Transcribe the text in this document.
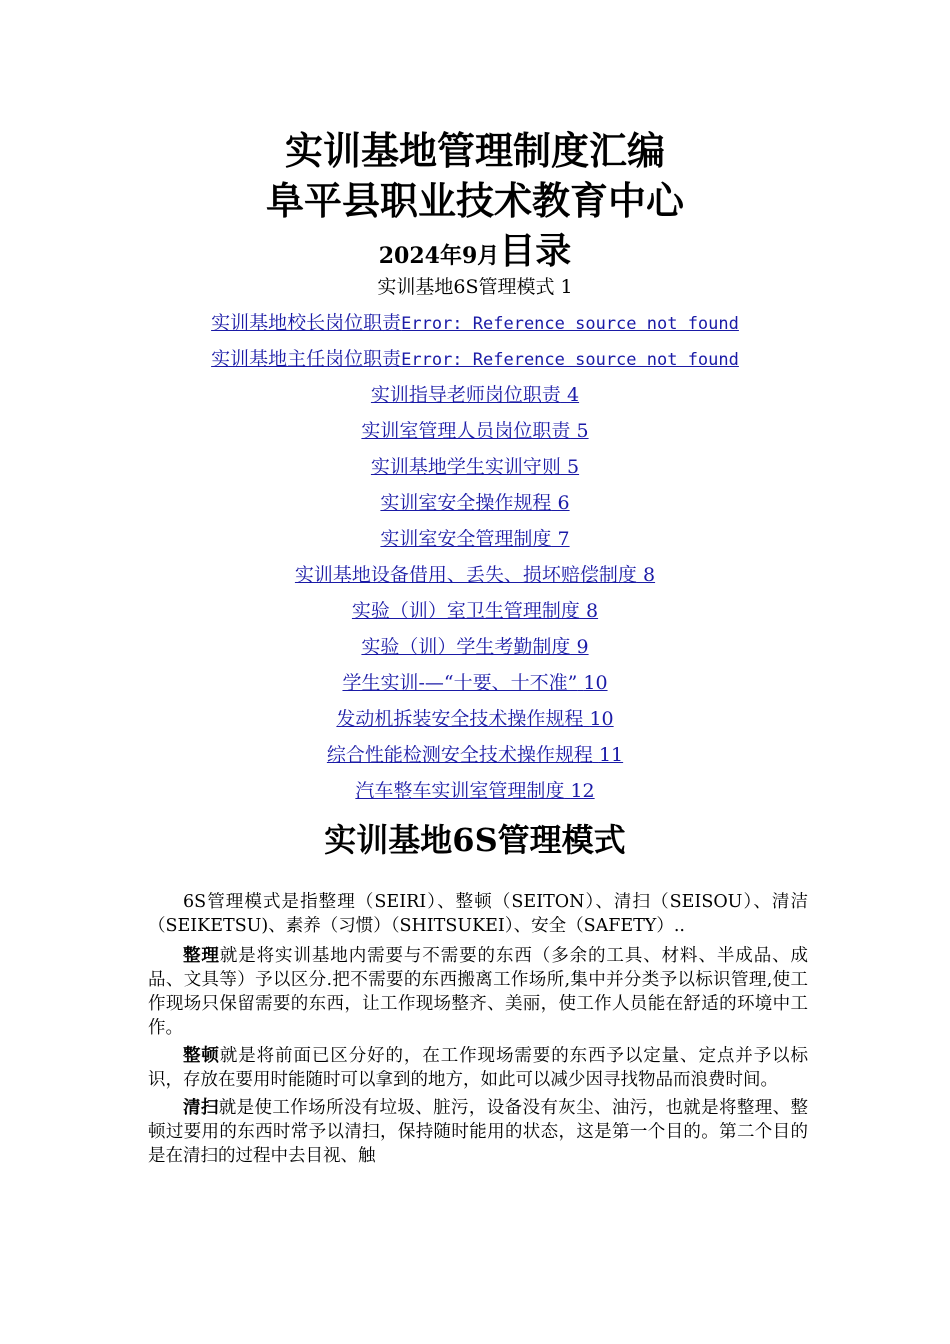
实训基地管理制度汇编
阜平县职业技术教育中心
2024年9月目录
实训基地6S管理模式 1
实训基地校长岗位职责Error: Reference source not found
实训基地主任岗位职责Error: Reference source not found
实训指导老师岗位职责 4
实训室管理人员岗位职责 5
实训基地学生实训守则 5
实训室安全操作规程 6
实训室安全管理制度 7
实训基地设备借用、丢失、损坏赔偿制度 8
实验（训）室卫生管理制度 8
实验（训）学生考勤制度 9
学生实训-—“十要、十不准” 10
发动机拆装安全技术操作规程 10
综合性能检测安全技术操作规程 11
汽车整车实训室管理制度 12
实训基地6S管理模式

6S管理模式是指整理（SEIRI）、整顿（SEITON）、清扫（SEISOU）、清洁（SEIKETSU)、素养（习惯）（SHITSUKEI）、安全（SAFETY）..

整理就是将实训基地内需要与不需要的东西（多余的工具、材料、半成品、成品、文具等）予以区分.把不需要的东西搬离工作场所,集中并分类予以标识管理,使工作现场只保留需要的东西，让工作现场整齐、美丽，使工作人员能在舒适的环境中工作。

整顿就是将前面已区分好的，在工作现场需要的东西予以定量、定点并予以标识，存放在要用时能随时可以拿到的地方，如此可以减少因寻找物品而浪费时间。

清扫就是使工作场所没有垃圾、脏污，设备没有灰尘、油污，也就是将整理、整顿过要用的东西时常予以清扫，保持随时能用的状态，这是第一个目的。第二个目的是在清扫的过程中去目视、触
